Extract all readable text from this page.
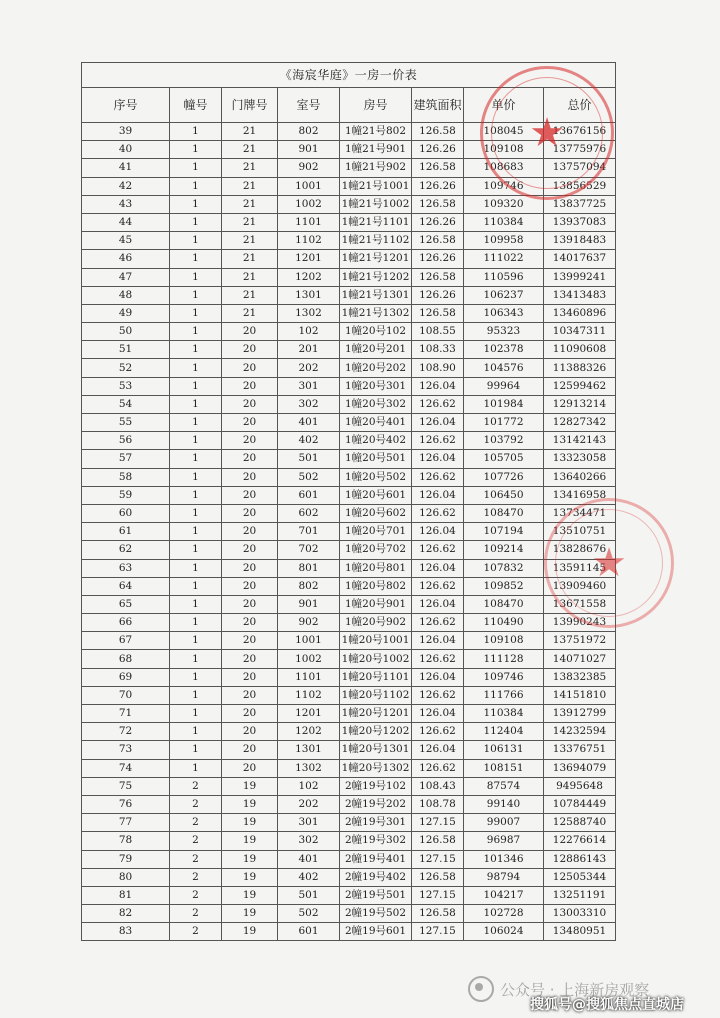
《海宸华庭》一房一价表							
序号	幢号	门牌号	室号	房号	建筑面积	单价	总价
39	1	21	802	1幢21号802	126.58	108045	13676156
40	1	21	901	1幢21号901	126.26	109108	13775976
41	1	21	902	1幢21号902	126.58	108683	13757094
42	1	21	1001	1幢21号1001	126.26	109746	13856529
43	1	21	1002	1幢21号1002	126.58	109320	13837725
44	1	21	1101	1幢21号1101	126.26	110384	13937083
45	1	21	1102	1幢21号1102	126.58	109958	13918483
46	1	21	1201	1幢21号1201	126.26	111022	14017637
47	1	21	1202	1幢21号1202	126.58	110596	13999241
48	1	21	1301	1幢21号1301	126.26	106237	13413483
49	1	21	1302	1幢21号1302	126.58	106343	13460896
50	1	20	102	1幢20号102	108.55	95323	10347311
51	1	20	201	1幢20号201	108.33	102378	11090608
52	1	20	202	1幢20号202	108.90	104576	11388326
53	1	20	301	1幢20号301	126.04	99964	12599462
54	1	20	302	1幢20号302	126.62	101984	12913214
55	1	20	401	1幢20号401	126.04	101772	12827342
56	1	20	402	1幢20号402	126.62	103792	13142143
57	1	20	501	1幢20号501	126.04	105705	13323058
58	1	20	502	1幢20号502	126.62	107726	13640266
59	1	20	601	1幢20号601	126.04	106450	13416958
60	1	20	602	1幢20号602	126.62	108470	13734471
61	1	20	701	1幢20号701	126.04	107194	13510751
62	1	20	702	1幢20号702	126.62	109214	13828676
63	1	20	801	1幢20号801	126.04	107832	13591145
64	1	20	802	1幢20号802	126.62	109852	13909460
65	1	20	901	1幢20号901	126.04	108470	13671558
66	1	20	902	1幢20号902	126.62	110490	13990243
67	1	20	1001	1幢20号1001	126.04	109108	13751972
68	1	20	1002	1幢20号1002	126.62	111128	14071027
69	1	20	1101	1幢20号1101	126.04	109746	13832385
70	1	20	1102	1幢20号1102	126.62	111766	14151810
71	1	20	1201	1幢20号1201	126.04	110384	13912799
72	1	20	1202	1幢20号1202	126.62	112404	14232594
73	1	20	1301	1幢20号1301	126.04	106131	13376751
74	1	20	1302	1幢20号1302	126.62	108151	13694079
75	2	19	102	2幢19号102	108.43	87574	9495648
76	2	19	202	2幢19号202	108.78	99140	10784449
77	2	19	301	2幢19号301	127.15	99007	12588740
78	2	19	302	2幢19号302	126.58	96987	12276614
79	2	19	401	2幢19号401	127.15	101346	12886143
80	2	19	402	2幢19号402	126.58	98794	12505344
81	2	19	501	2幢19号501	127.15	104217	13251191
82	2	19	502	2幢19号502	126.58	102728	13003310
83	2	19	601	2幢19号601	127.15	106024	13480951
★
★
公众号 · 上海新房观察
搜狐号@搜狐焦点直城店
